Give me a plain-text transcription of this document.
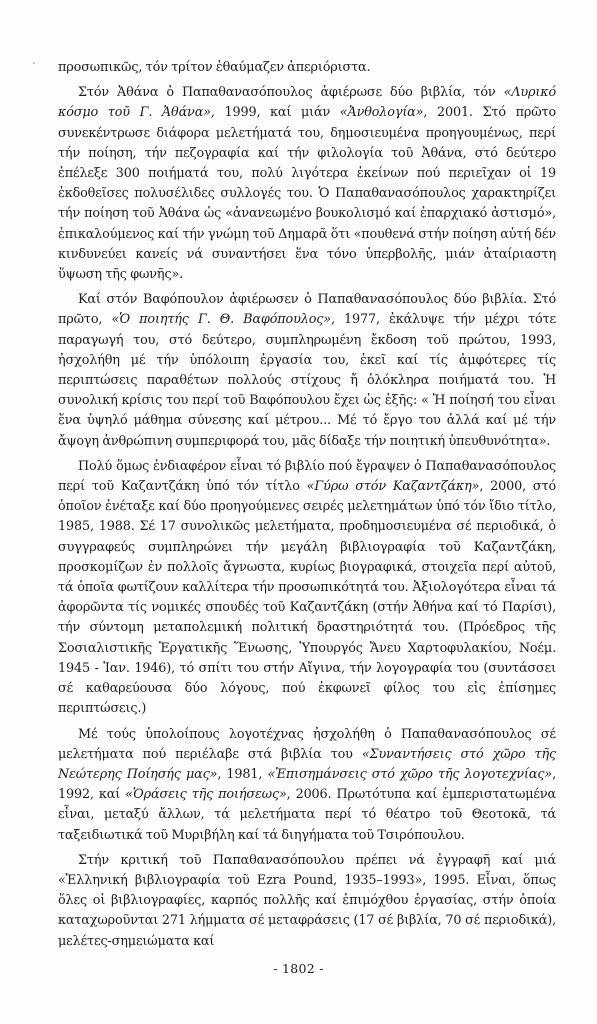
προσωπικῶς, τόν τρίτον ἐθαύμαζεν ἀπεριόριστα.

Στόν Ἀθάνα ὁ Παπαθανασόπουλος ἀφιέρωσε δύο βιβλία, τόν «Λυρικό κόσμο τοῦ Γ. Ἀθάνα», 1999, καί μιάν «Ἀνθολογία», 2001. Στό πρῶτο συνεκέντρωσε διάφορα μελετήματά του, δημοσιευμένα προηγουμένως, περί τήν ποίηση, τήν πεζογραφία καί τήν φιλολογία τοῦ Ἀθάνα, στό δεύτερο ἐπέλεξε 300 ποιήματά του, πολύ λιγότερα ἐκείνων πού περιεῖχαν οἱ 19 ἐκδοθεῖσες πολυσέλιδες συλλογές του. Ὁ Παπαθανασόπουλος χαρακτηρίζει τήν ποίηση τοῦ Ἀθάνα ὡς «ἀνανεωμένο βουκολισμό καί ἐπαρχιακό ἀστισμό», ἐπικαλούμενος καί τήν γνώμη τοῦ Δημαρᾶ ὅτι «πουθενά στήν ποίηση αὐτή δέν κινδυνεύει κανείς νά συναντήσει ἕνα τόνο ὑπερβολῆς, μιάν ἀταίριαστη ὕψωση τῆς φωνῆς».

Καί στόν Βαφόπουλον ἀφιέρωσεν ὁ Παπαθανασόπουλος δύο βιβλία. Στό πρῶτο, «Ὁ ποιητής Γ. Θ. Βαφόπουλος», 1977, ἐκάλυψε τήν μέχρι τότε παραγωγή του, στό δεύτερο, συμπληρωμένη ἔκδοση τοῦ πρώτου, 1993, ἠσχολήθη μέ τήν ὑπόλοιπη ἐργασία του, ἐκεῖ καί τίς ἀμφότερες τίς περιπτώσεις παραθέτων πολλούς στίχους ἤ ὁλόκληρα ποιήματά του. Ἡ συνολική κρίσις του περί τοῦ Βαφόπουλου ἔχει ὡς ἑξῆς: « Ἡ ποίησή του εἶναι ἕνα ὑψηλό μάθημα σύνεσης καί μέτρου... Μέ τό ἔργο του ἀλλά καί μέ τήν ἄψογη ἀνθρώπινη συμπεριφορά του, μᾶς δίδαξε τήν ποιητική ὑπευθυνότητα».

Πολύ ὅμως ἐνδιαφέρον εἶναι τό βιβλίο πού ἔγραψεν ὁ Παπαθανασόπουλος περί τοῦ Καζαντζάκη ὑπό τόν τίτλο «Γύρω στόν Καζαντζάκη», 2000, στό ὁποῖον ἐνέταξε καί δύο προηγούμενες σειρές μελετημάτων ὑπό τόν ἴδιο τίτλο, 1985, 1988. Σέ 17 συνολικῶς μελετήματα, προδημοσιευμένα σέ περιοδικά, ὁ συγγραφεύς συμπληρώνει τήν μεγάλη βιβλιογραφία τοῦ Καζαντζάκη, προσκομίζων ἐν πολλοῖς ἄγνωστα, κυρίως βιογραφικά, στοιχεῖα περί αὐτοῦ, τά ὁποῖα φωτίζουν καλλίτερα τήν προσωπικότητά του. Ἀξιολογότερα εἶναι τά ἀφορῶντα τίς νομικές σπουδές τοῦ Καζαντζάκη (στήν Ἀθήνα καί τό Παρίσι), τήν σύντομη μεταπολεμική πολιτική δραστηριότητά του. (Πρόεδρος τῆς Σοσιαλιστικῆς Ἑργατικῆς Ἕνωσης, Ὑπουργός Ἄνευ Χαρτοφυλακίου, Νοέμ. 1945 - Ἰαν. 1946), τό σπίτι του στήν Αἴγινα, τήν λογογραφία του (συντάσσει σέ καθαρεύουσα δύο λόγους, πού ἐκφωνεῖ φίλος του εἰς ἐπίσημες περιπτώσεις.)

Μέ τούς ὑπολοίπους λογοτέχνας ἠσχολήθη ὁ Παπαθανασόπουλος σέ μελετήματα πού περιέλαβε στά βιβλία του «Συναντήσεις στό χῶρο τῆς Νεώτερης Ποίησής μας», 1981, «Ἐπισημάνσεις στό χῶρο τῆς λογοτεχνίας», 1992, καί «Ὁράσεις τῆς ποιήσεως», 2006. Πρωτότυπα καί ἐμπεριστατωμένα εἶναι, μεταξύ ἄλλων, τά μελετήματα περί τό θέατρο τοῦ Θεοτοκᾶ, τά ταξειδιωτικά τοῦ Μυριβήλη καί τά διηγήματα τοῦ Τσιρόπουλου.

Στήν κριτική τοῦ Παπαθανασόπουλου πρέπει νά ἐγγραφῆ καί μιά «Ἑλληνική βιβλιογραφία τοῦ Ezra Pound, 1935–1993», 1995. Εἶναι, ὅπως ὅλες οἱ βιβλιογραφίες, καρπός πολλῆς καί ἐπιμόχθου ἐργασίας, στήν ὁποία καταχωροῦνται 271 λήμματα σέ μεταφράσεις (17 σέ βιβλία, 70 σέ περιοδικά), μελέτες-σημειώματα καί

- 1802 -
